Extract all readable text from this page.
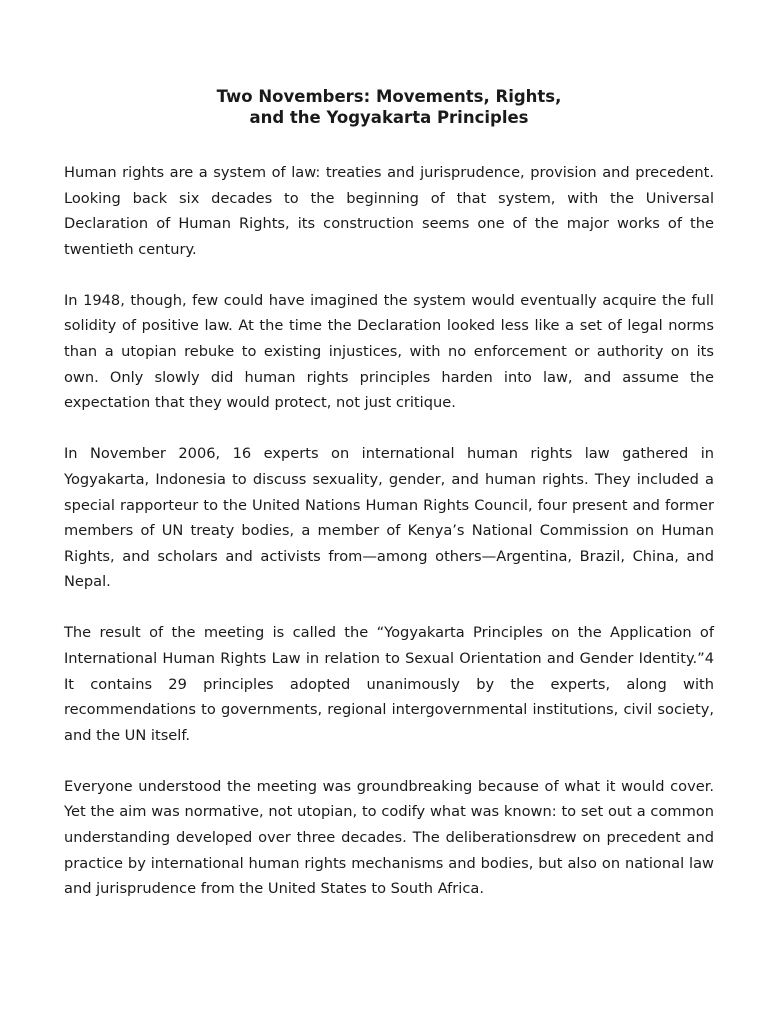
Two Novembers: Movements, Rights,
and the Yogyakarta Principles

Human rights are a system of law: treaties and jurisprudence, provision and precedent. Looking back six decades to the beginning of that system, with the Universal Declaration of Human Rights, its construction seems one of the major works of the twentieth century.

In 1948, though, few could have imagined the system would eventually acquire the full solidity of positive law. At the time the Declaration looked less like a set of legal norms than a utopian rebuke to existing injustices, with no enforcement or authority on its own. Only slowly did human rights principles harden into law, and assume the expectation that they would protect, not just critique.

In November 2006, 16 experts on international human rights law gathered in Yogyakarta, Indonesia to discuss sexuality, gender, and human rights. They included a special rapporteur to the United Nations Human Rights Council, four present and former members of UN treaty bodies, a member of Kenya’s National Commission on Human Rights, and scholars and activists from—among others—Argentina, Brazil, China, and Nepal.

The result of the meeting is called the “Yogyakarta Principles on the Application of International Human Rights Law in relation to Sexual Orientation and Gender Identity.”4 It contains 29 principles adopted unanimously by the experts, along with recommendations to governments, regional intergovernmental institutions, civil society, and the UN itself.

Everyone understood the meeting was groundbreaking because of what it would cover. Yet the aim was normative, not utopian, to codify what was known: to set out a common understanding developed over three decades. The deliberationsdrew on precedent and practice by international human rights mechanisms and bodies, but also on national law and jurisprudence from the United States to South Africa.
